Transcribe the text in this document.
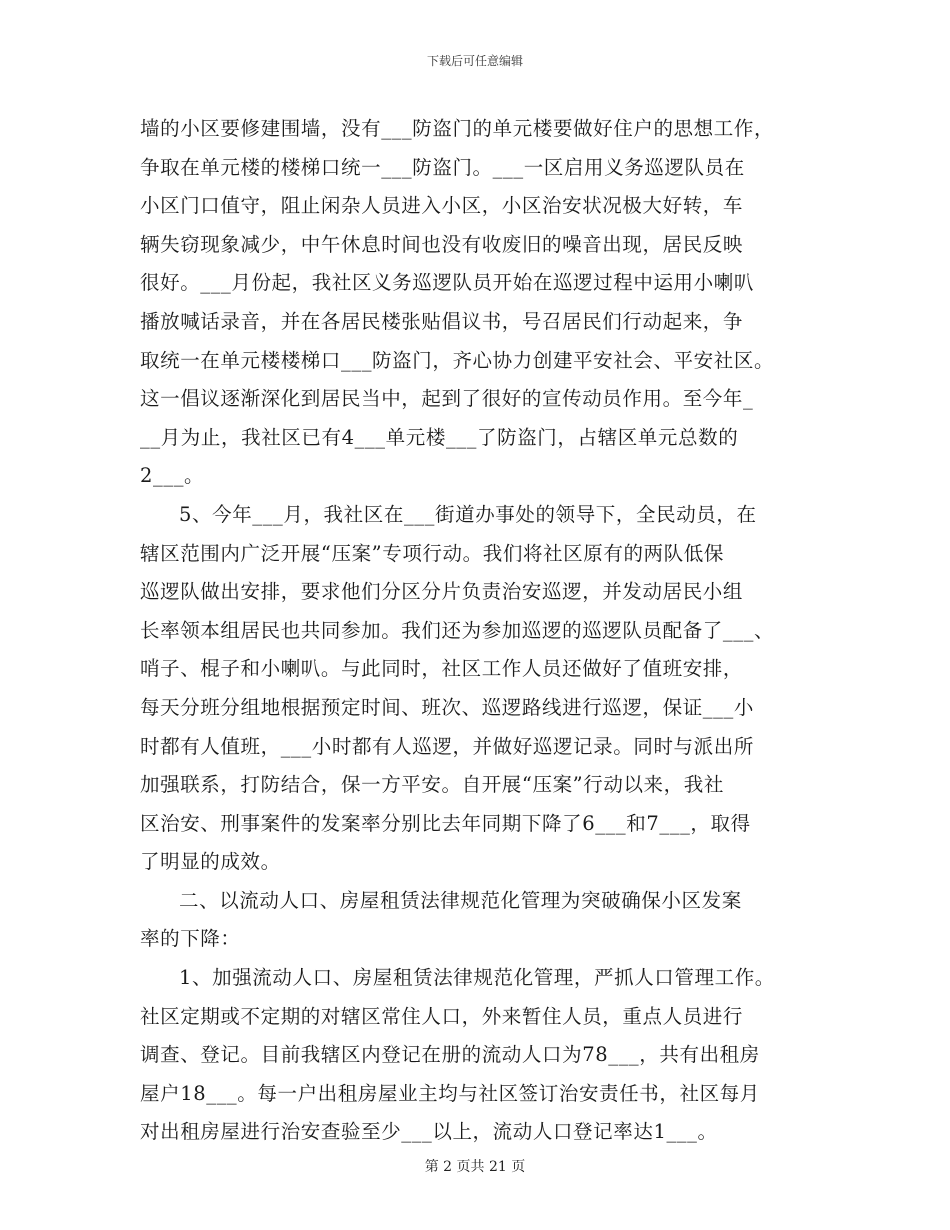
下载后可任意编辑
墙的小区要修建围墙，没有___防盗门的单元楼要做好住户的思想工作，
争取在单元楼的楼梯口统一___防盗门。___一区启用义务巡逻队员在
小区门口值守，阻止闲杂人员进入小区，小区治安状况极大好转，车
辆失窃现象减少，中午休息时间也没有收废旧的噪音出现，居民反映
很好。___月份起，我社区义务巡逻队员开始在巡逻过程中运用小喇叭
播放喊话录音，并在各居民楼张贴倡议书，号召居民们行动起来，争
取统一在单元楼楼梯口___防盗门，齐心协力创建平安社会、平安社区。
这一倡议逐渐深化到居民当中，起到了很好的宣传动员作用。至今年_
__月为止，我社区已有4___单元楼___了防盗门，占辖区单元总数的
2___。
5、今年___月，我社区在___街道办事处的领导下，全民动员，在
辖区范围内广泛开展“压案”专项行动。我们将社区原有的两队低保
巡逻队做出安排，要求他们分区分片负责治安巡逻，并发动居民小组
长率领本组居民也共同参加。我们还为参加巡逻的巡逻队员配备了___、
哨子、棍子和小喇叭。与此同时，社区工作人员还做好了值班安排，
每天分班分组地根据预定时间、班次、巡逻路线进行巡逻，保证___小
时都有人值班，___小时都有人巡逻，并做好巡逻记录。同时与派出所
加强联系，打防结合，保一方平安。自开展“压案”行动以来，我社
区治安、刑事案件的发案率分别比去年同期下降了6___和7___，取得
了明显的成效。
二、以流动人口、房屋租赁法律规范化管理为突破确保小区发案
率的下降：
1、加强流动人口、房屋租赁法律规范化管理，严抓人口管理工作。
社区定期或不定期的对辖区常住人口，外来暂住人员，重点人员进行
调查、登记。目前我辖区内登记在册的流动人口为78___，共有出租房
屋户18___。每一户出租房屋业主均与社区签订治安责任书，社区每月
对出租房屋进行治安查验至少___以上，流动人口登记率达1___。
第 2 页共 21 页
